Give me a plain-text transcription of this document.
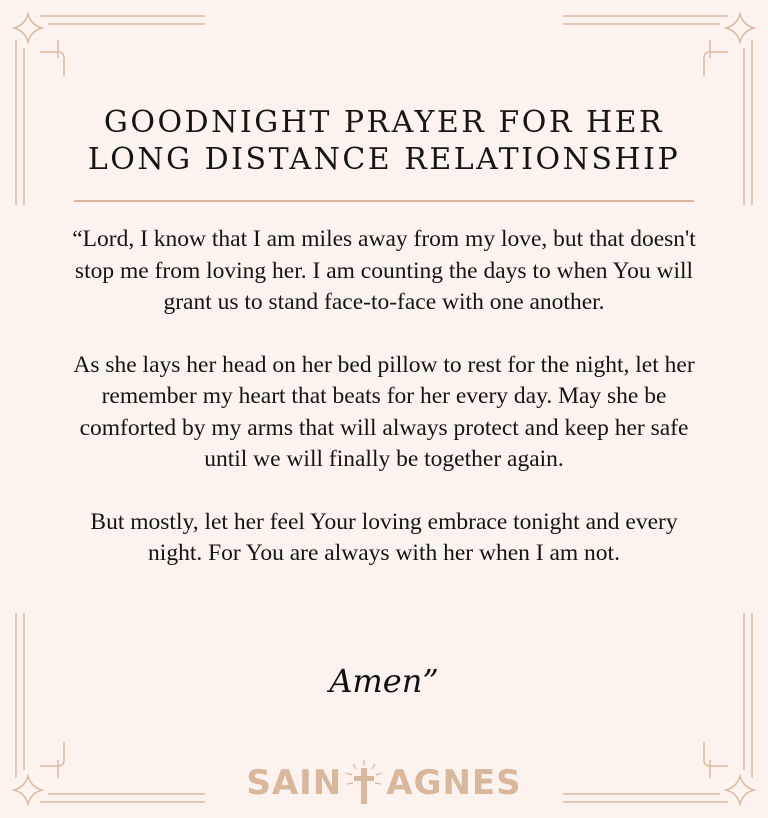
GOODNIGHT PRAYER FOR HER
LONG DISTANCE RELATIONSHIP

“Lord, I know that I am miles away from my love, but that doesn't stop me from loving her. I am counting the days to when You will grant us to stand face-to-face with one another.

As she lays her head on her bed pillow to rest for the night, let her remember my heart that beats for her every day. May she be comforted by my arms that will always protect and keep her safe until we will finally be together again.

But mostly, let her feel Your loving embrace tonight and every night. For You are always with her when I am not.

Amen”
SAIN AGNES
